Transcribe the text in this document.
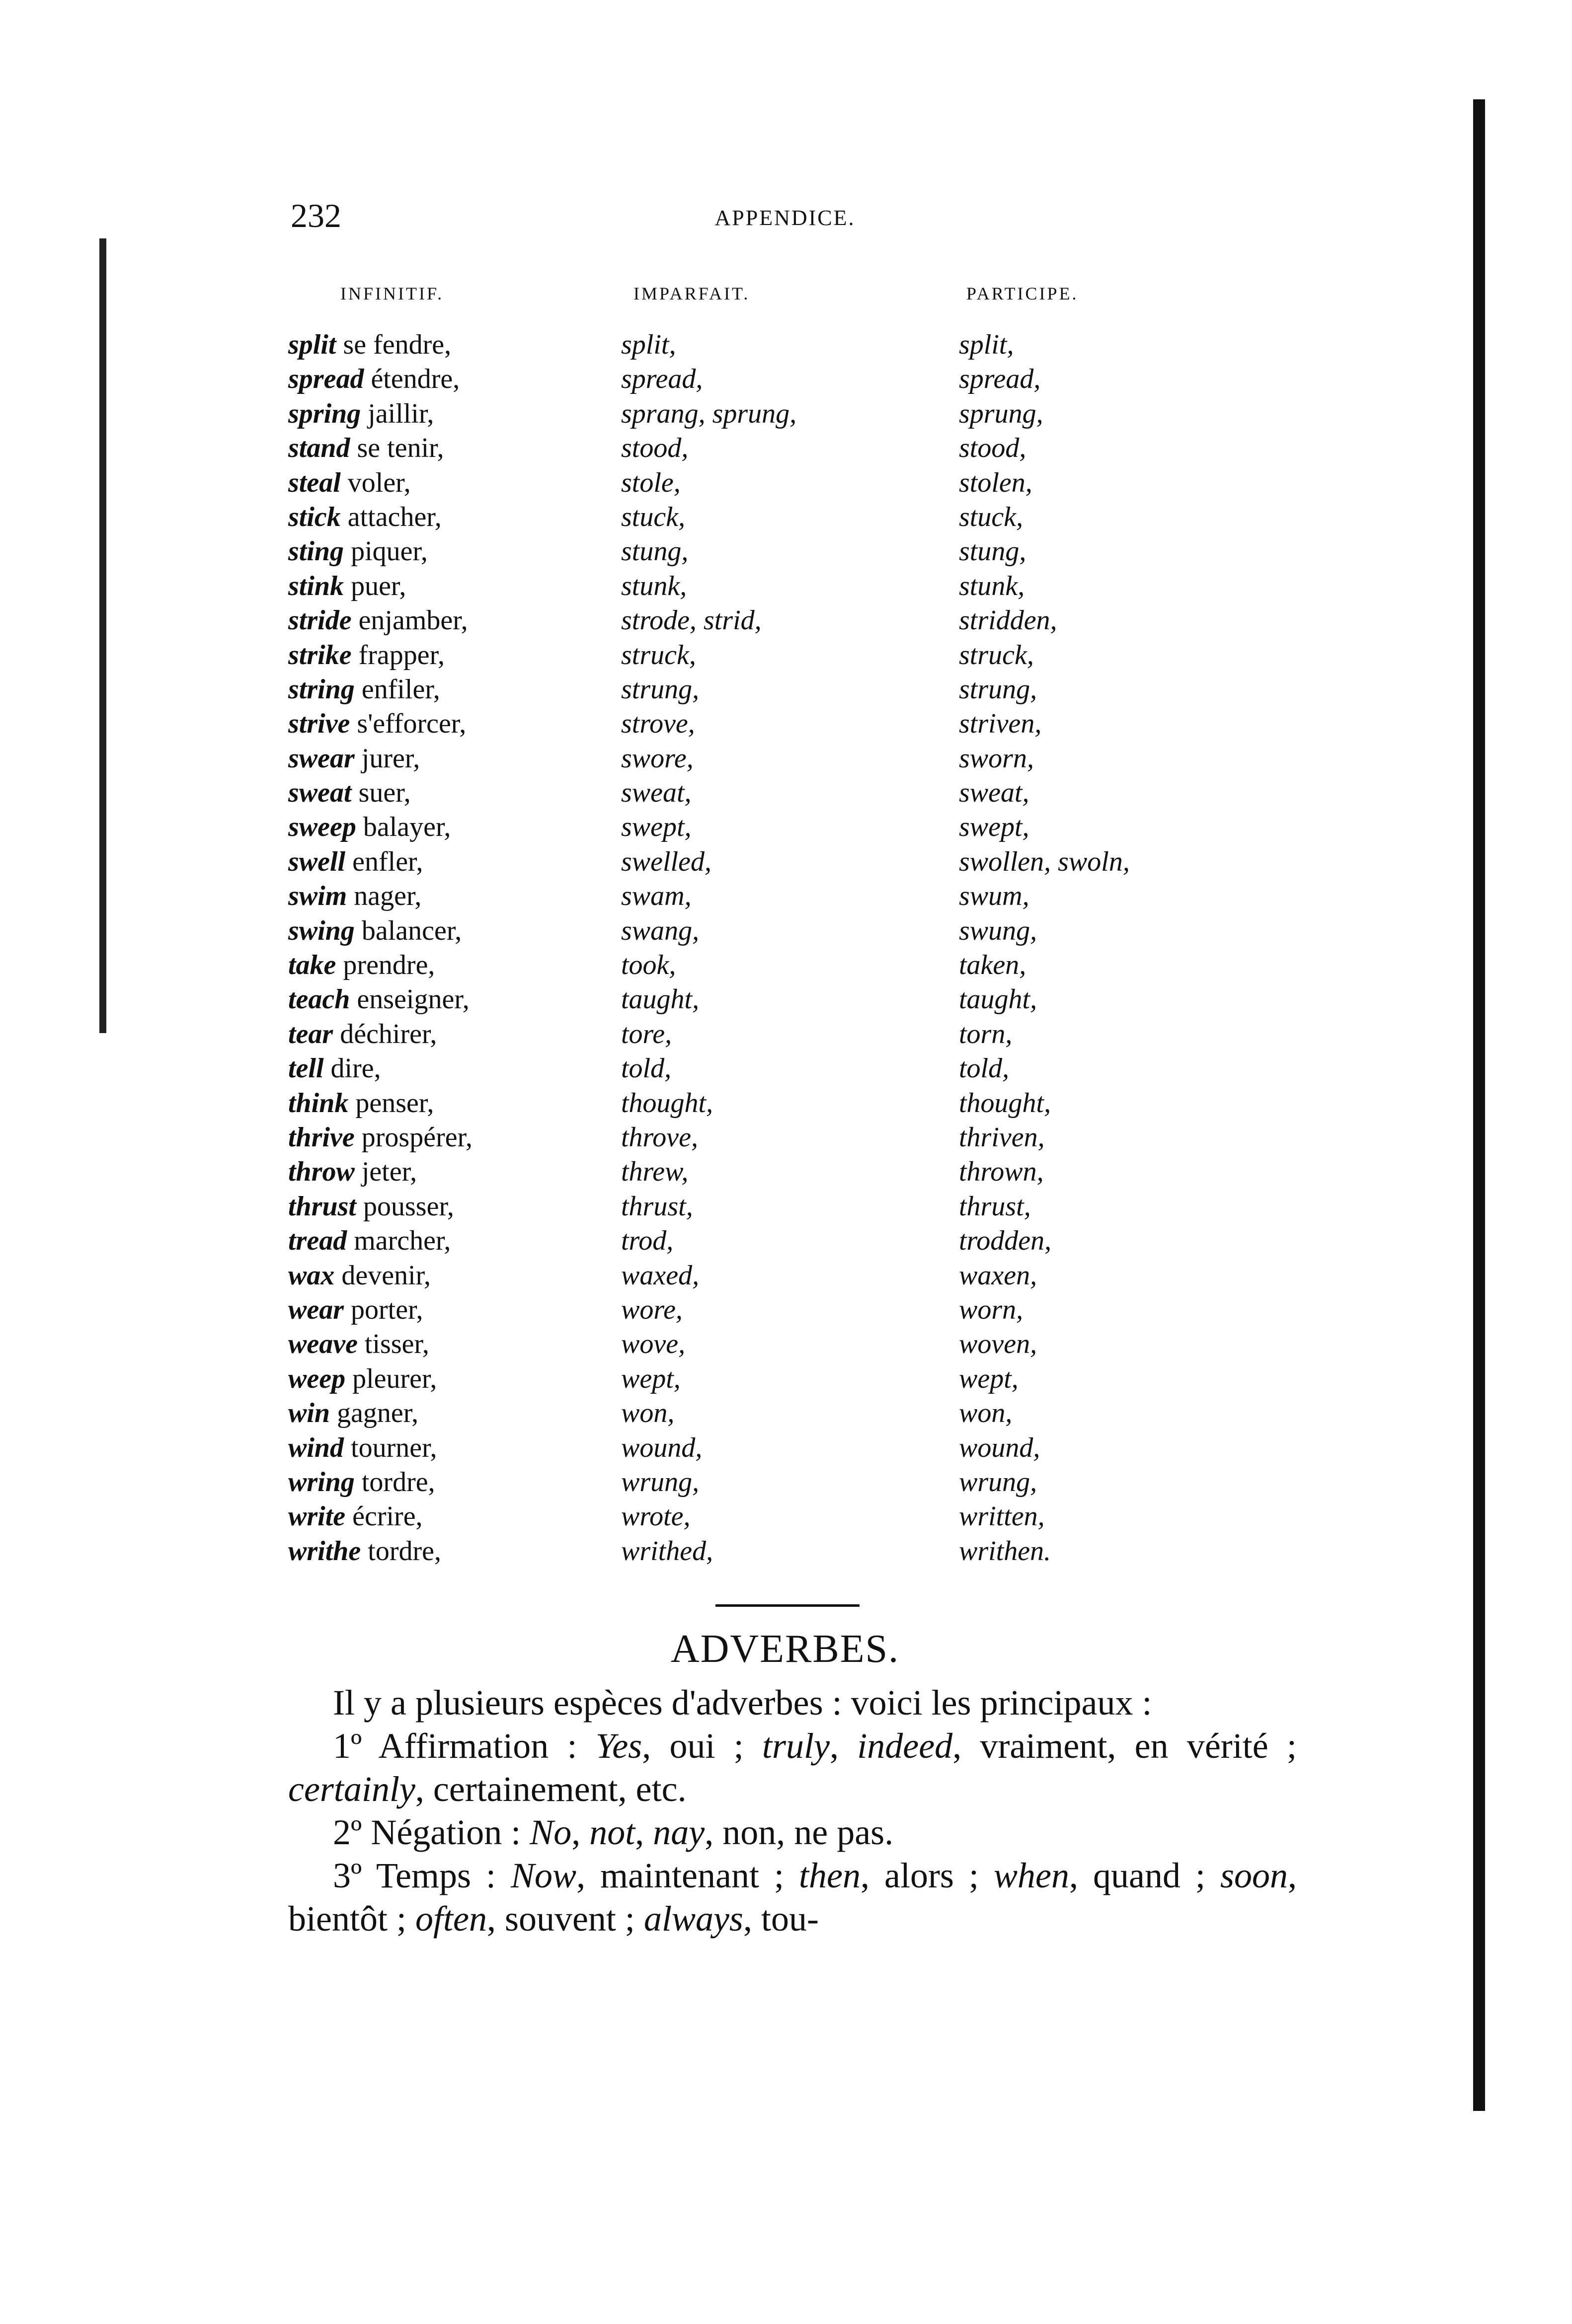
232	APPENDICE.
INFINITIF.	IMPARFAIT.	PARTICIPE.
split se fendre,	split,	split,
spread étendre,	spread,	spread,
spring jaillir,	sprang, sprung,	sprung,
stand se tenir,	stood,	stood,
steal voler,	stole,	stolen,
stick attacher,	stuck,	stuck,
sting piquer,	stung,	stung,
stink puer,	stunk,	stunk,
stride enjamber,	strode, strid,	stridden,
strike frapper,	struck,	struck,
string enfiler,	strung,	strung,
strive s'efforcer,	strove,	striven,
swear jurer,	swore,	sworn,
sweat suer,	sweat,	sweat,
sweep balayer,	swept,	swept,
swell enfler,	swelled,	swollen, swoln,
swim nager,	swam,	swum,
swing balancer,	swang,	swung,
take prendre,	took,	taken,
teach enseigner,	taught,	taught,
tear déchirer,	tore,	torn,
tell dire,	told,	told,
think penser,	thought,	thought,
thrive prospérer,	throve,	thriven,
throw jeter,	threw,	thrown,
thrust pousser,	thrust,	thrust,
tread marcher,	trod,	trodden,
wax devenir,	waxed,	waxen,
wear porter,	wore,	worn,
weave tisser,	wove,	woven,
weep pleurer,	wept,	wept,
win gagner,	won,	won,
wind tourner,	wound,	wound,
wring tordre,	wrung,	wrung,
write écrire,	wrote,	written,
writhe tordre,	writhed,	writhen.
ADVERBES.

Il y a plusieurs espèces d'adverbes : voici les principaux :

1º Affirmation : Yes, oui ; truly, indeed, vraiment, en vérité ; certainly, certainement, etc.

2º Négation : No, not, nay, non, ne pas.

3º Temps : Now, maintenant ; then, alors ; when, quand ; soon, bientôt ; often, souvent ; always, tou-
